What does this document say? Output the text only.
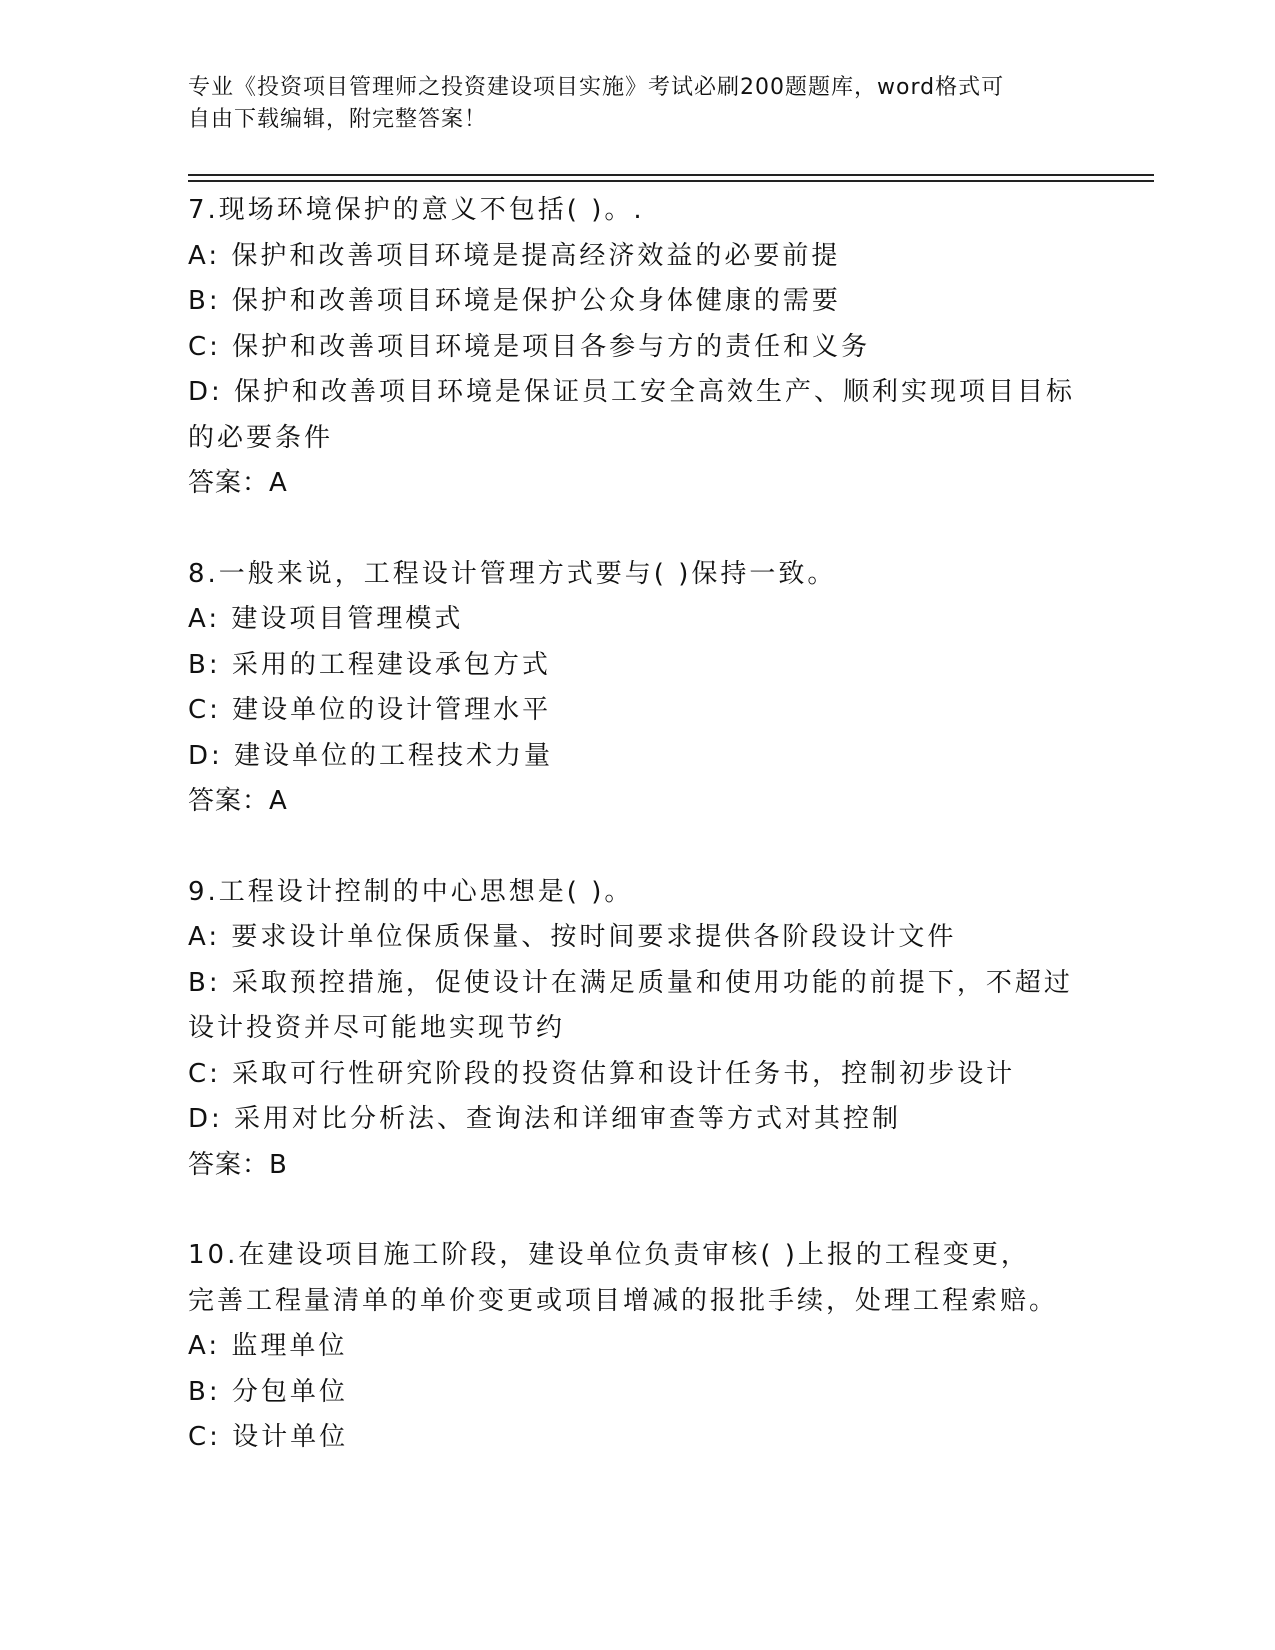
专业《投资项目管理师之投资建设项目实施》考试必刷200题题库，word格式可
自由下载编辑，附完整答案！
7.现场环境保护的意义不包括( )。.
A: 保护和改善项目环境是提高经济效益的必要前提
B: 保护和改善项目环境是保护公众身体健康的需要
C: 保护和改善项目环境是项目各参与方的责任和义务
D: 保护和改善项目环境是保证员工安全高效生产、顺利实现项目目标
的必要条件
答案：A
8.一般来说，工程设计管理方式要与( )保持一致。
A: 建设项目管理模式
B: 采用的工程建设承包方式
C: 建设单位的设计管理水平
D: 建设单位的工程技术力量
答案：A
9.工程设计控制的中心思想是( )。
A: 要求设计单位保质保量、按时间要求提供各阶段设计文件
B: 采取预控措施，促使设计在满足质量和使用功能的前提下，不超过
设计投资并尽可能地实现节约
C: 采取可行性研究阶段的投资估算和设计任务书，控制初步设计
D: 采用对比分析法、查询法和详细审查等方式对其控制
答案：B
10.在建设项目施工阶段，建设单位负责审核( )上报的工程变更，
完善工程量清单的单价变更或项目增减的报批手续，处理工程索赔。
A: 监理单位
B: 分包单位
C: 设计单位
